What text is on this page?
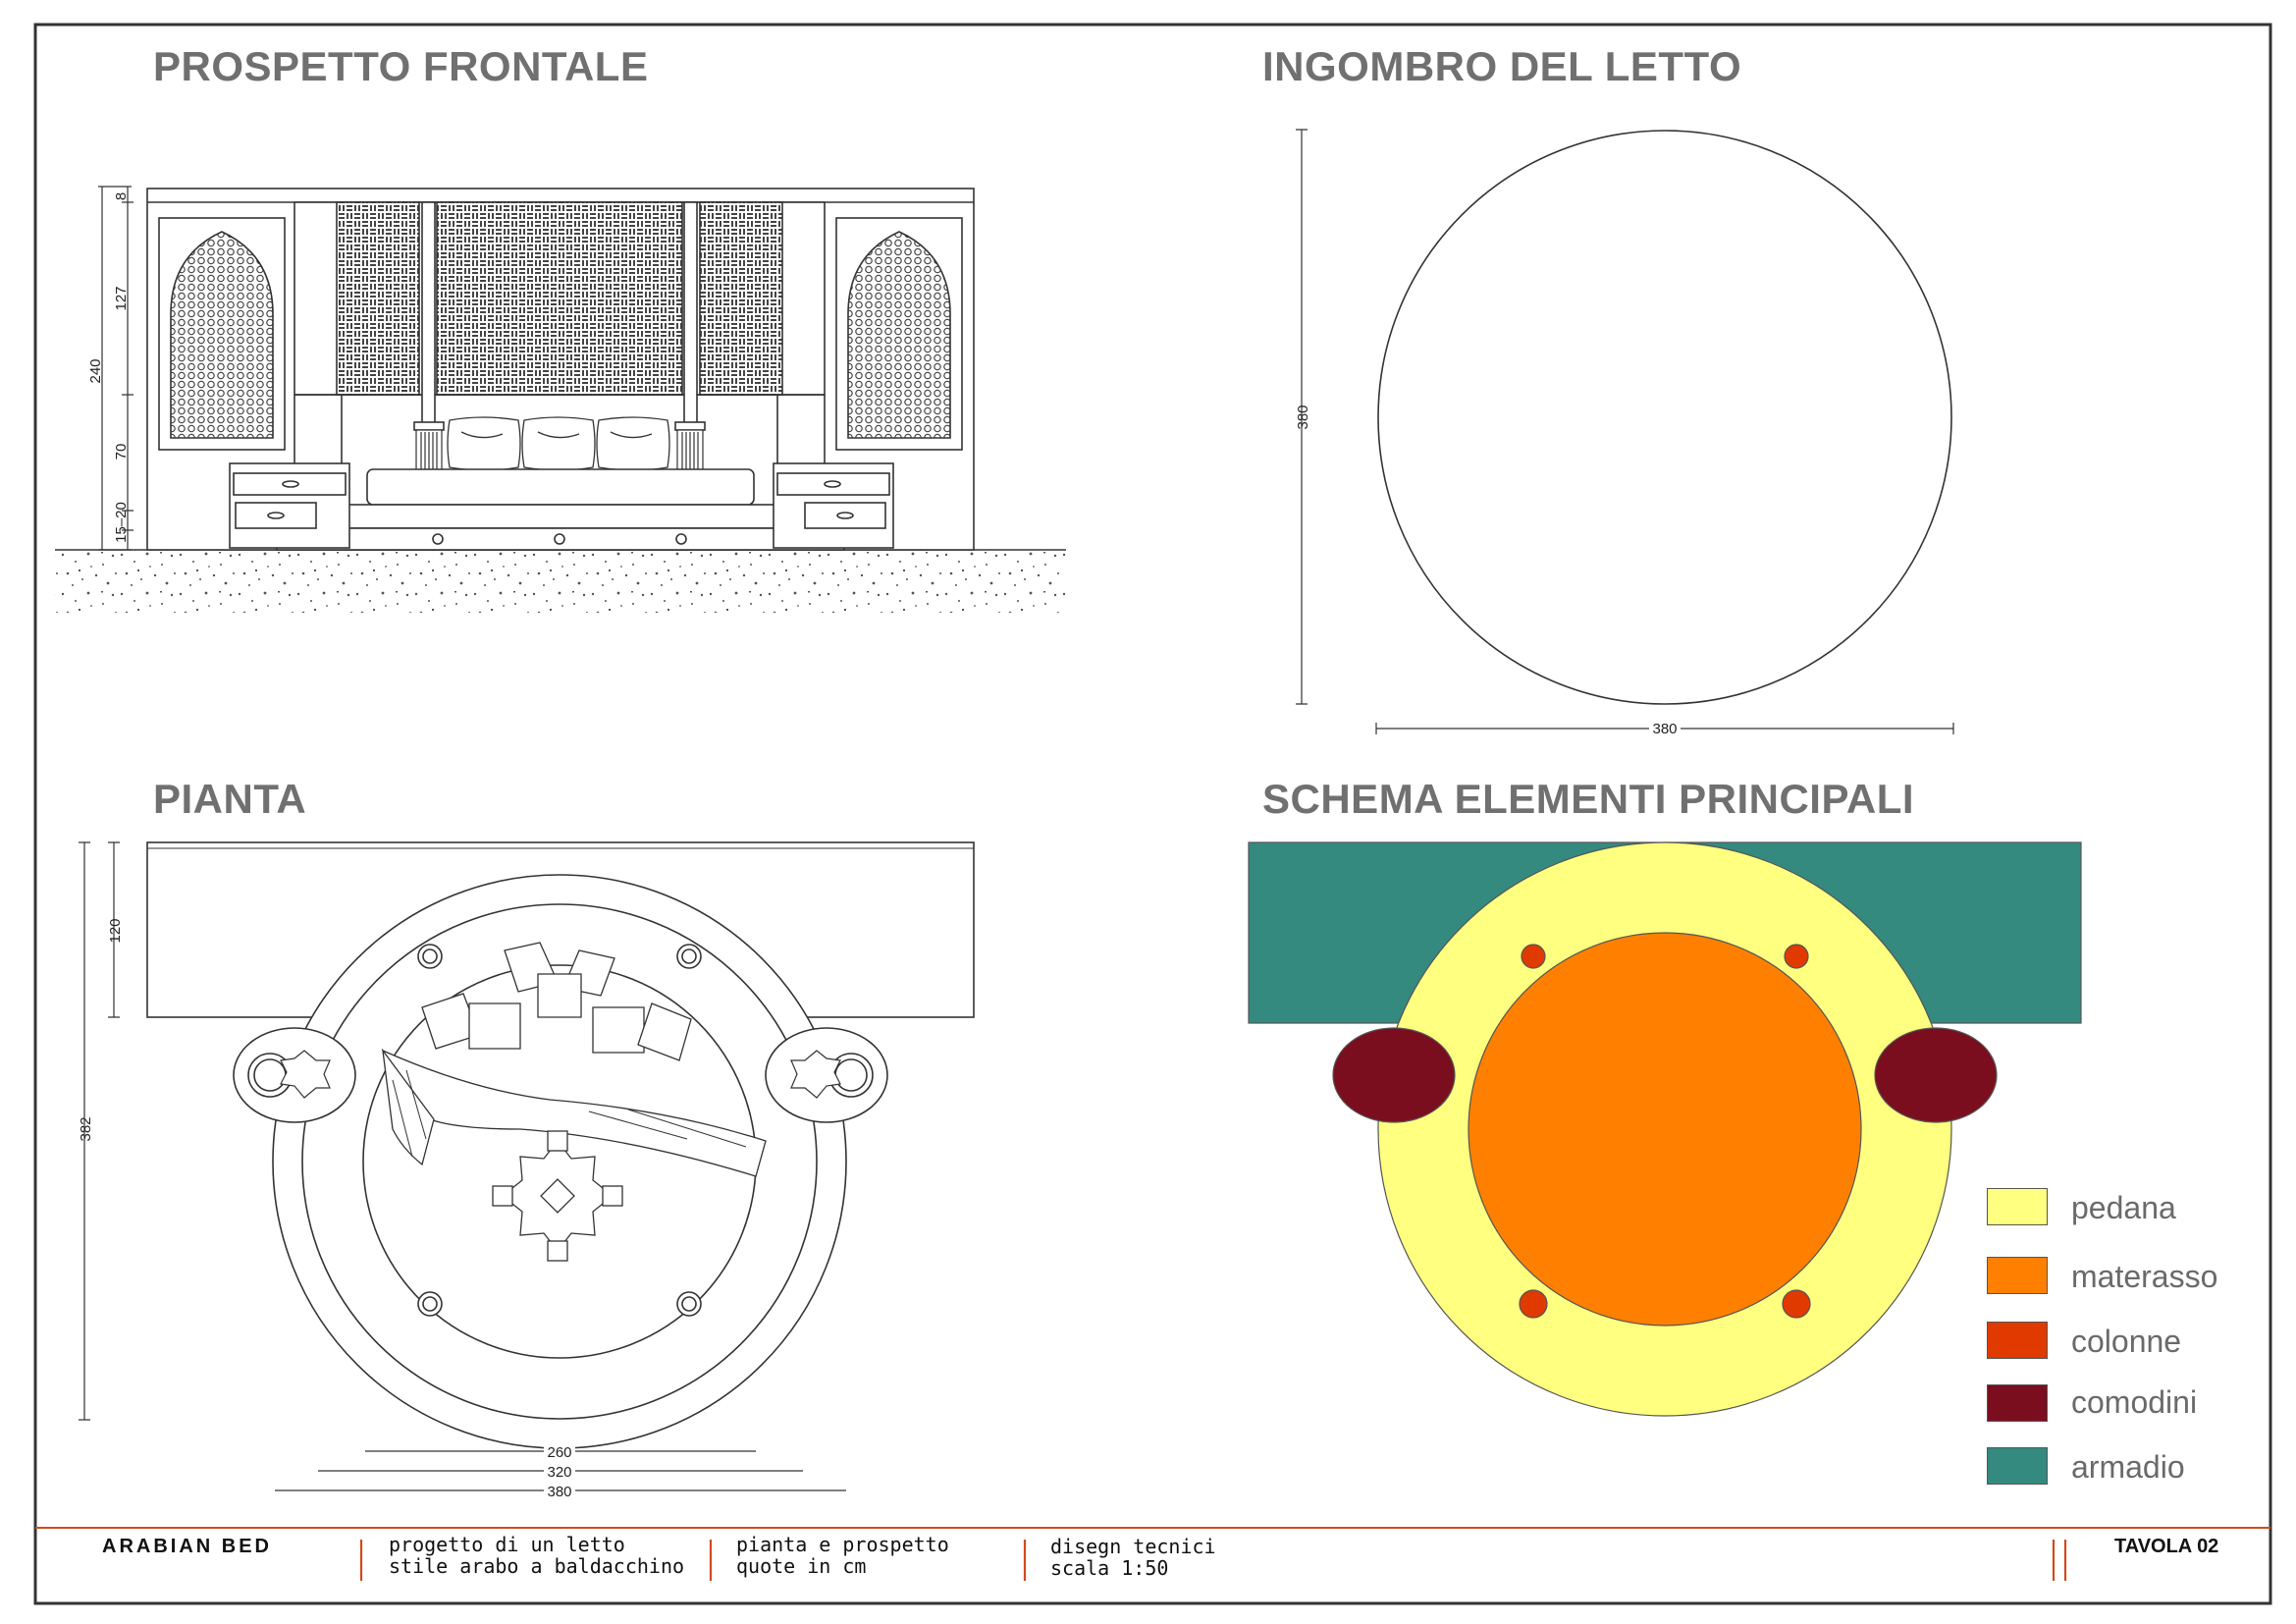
8
127
240
70
15–20
380
380
382
120
260
320
380
PROSPETTO FRONTALE	INGOMBRO DEL LETTO
PIANTA	SCHEMA ELEMENTI PRINCIPALI
pedana
materasso
colonne
comodini
armadio
ARABIAN BED	progetto di un letto
stile arabo a baldacchino
pianta e prospetto
quote in cm
disegn tecnici
scala 1:50
TAVOLA 02
